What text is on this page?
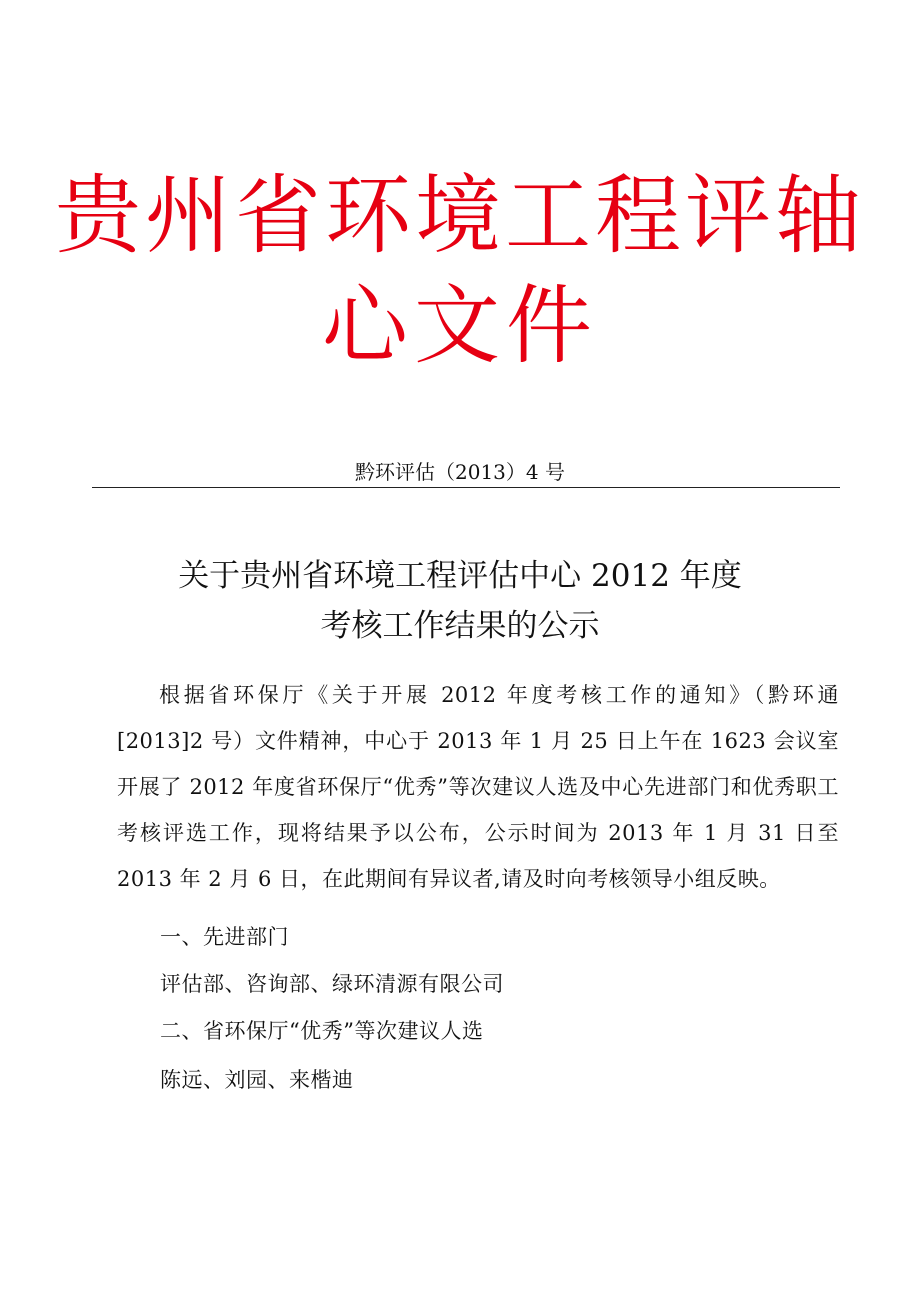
贵州省环境工程评轴
心文件
黔环评估（2013）4 号
关于贵州省环境工程评估中心 2012 年度
考核工作结果的公示
根据省环保厅《关于开展 2012 年度考核工作的通知》（黔环通[2013]2 号）文件精神，中心于 2013 年 1 月 25 日上午在 1623 会议室开展了 2012 年度省环保厅“优秀”等次建议人选及中心先进部门和优秀职工考核评选工作，现将结果予以公布，公示时间为 2013 年 1 月 31 日至 2013 年 2 月 6 日，在此期间有异议者,请及时向考核领导小组反映。
一、先进部门
评估部、咨询部、绿环清源有限公司
二、省环保厅“优秀”等次建议人选
陈远、刘园、来楷迪
